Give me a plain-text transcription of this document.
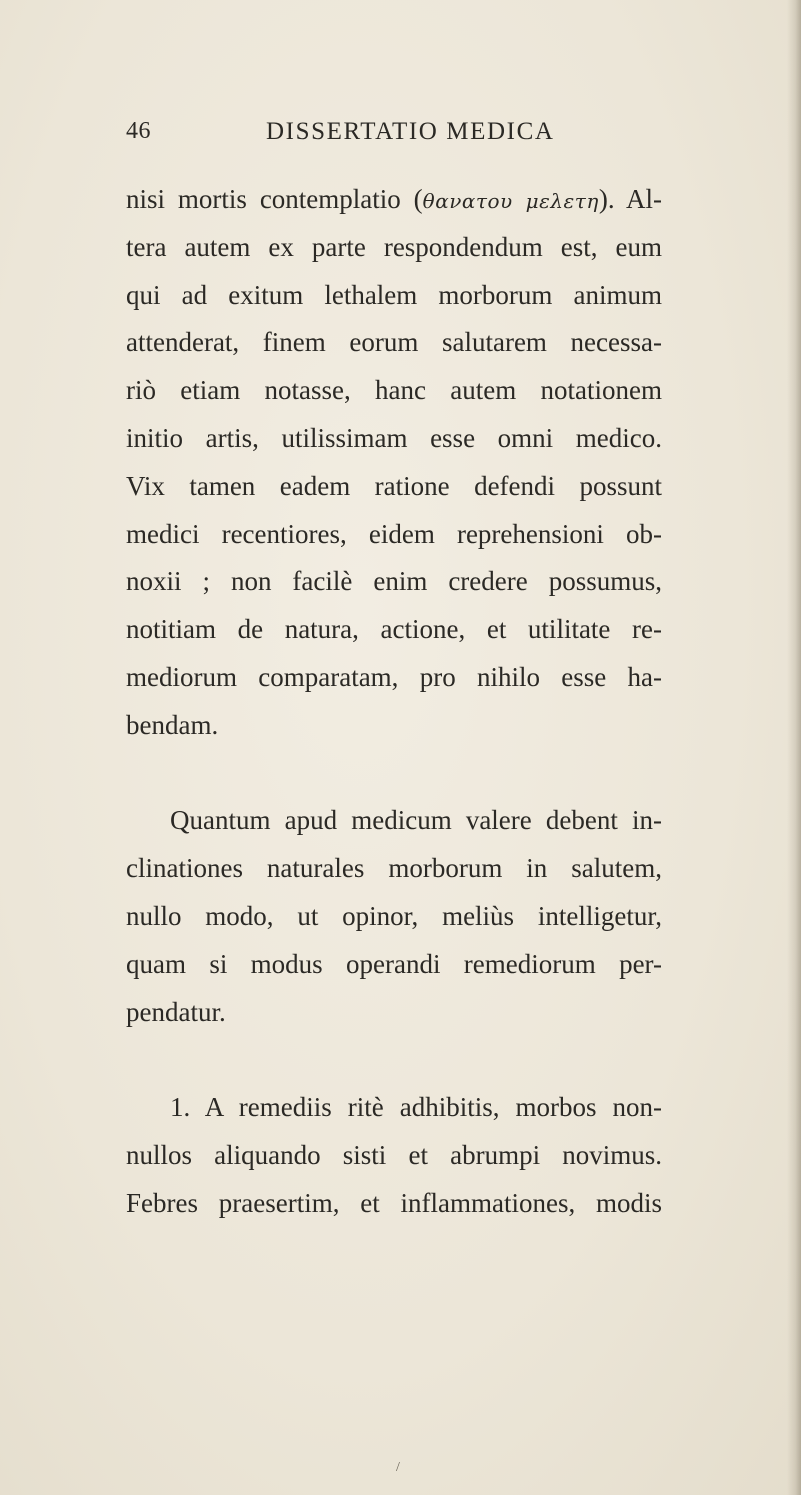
46	DISSERTATIO MEDICA
nisi mortis contemplatio (θανατου μελετη). Al-
tera autem ex parte respondendum est, eum
qui ad exitum lethalem morborum animum
attenderat, finem eorum salutarem necessa-
riò etiam notasse, hanc autem notationem
initio artis, utilissimam esse omni medico.
Vix tamen eadem ratione defendi possunt
medici recentiores, eidem reprehensioni ob-
noxii ; non facilè enim credere possumus,
notitiam de natura, actione, et utilitate re-
mediorum comparatam, pro nihilo esse ha-
bendam.
Quantum apud medicum valere debent in-
clinationes naturales morborum in salutem,
nullo modo, ut opinor, meliùs intelligetur,
quam si modus operandi remediorum per-
pendatur.
1. A remediis ritè adhibitis, morbos non-
nullos aliquando sisti et abrumpi novimus.
Febres praesertim, et inflammationes, modis
/
